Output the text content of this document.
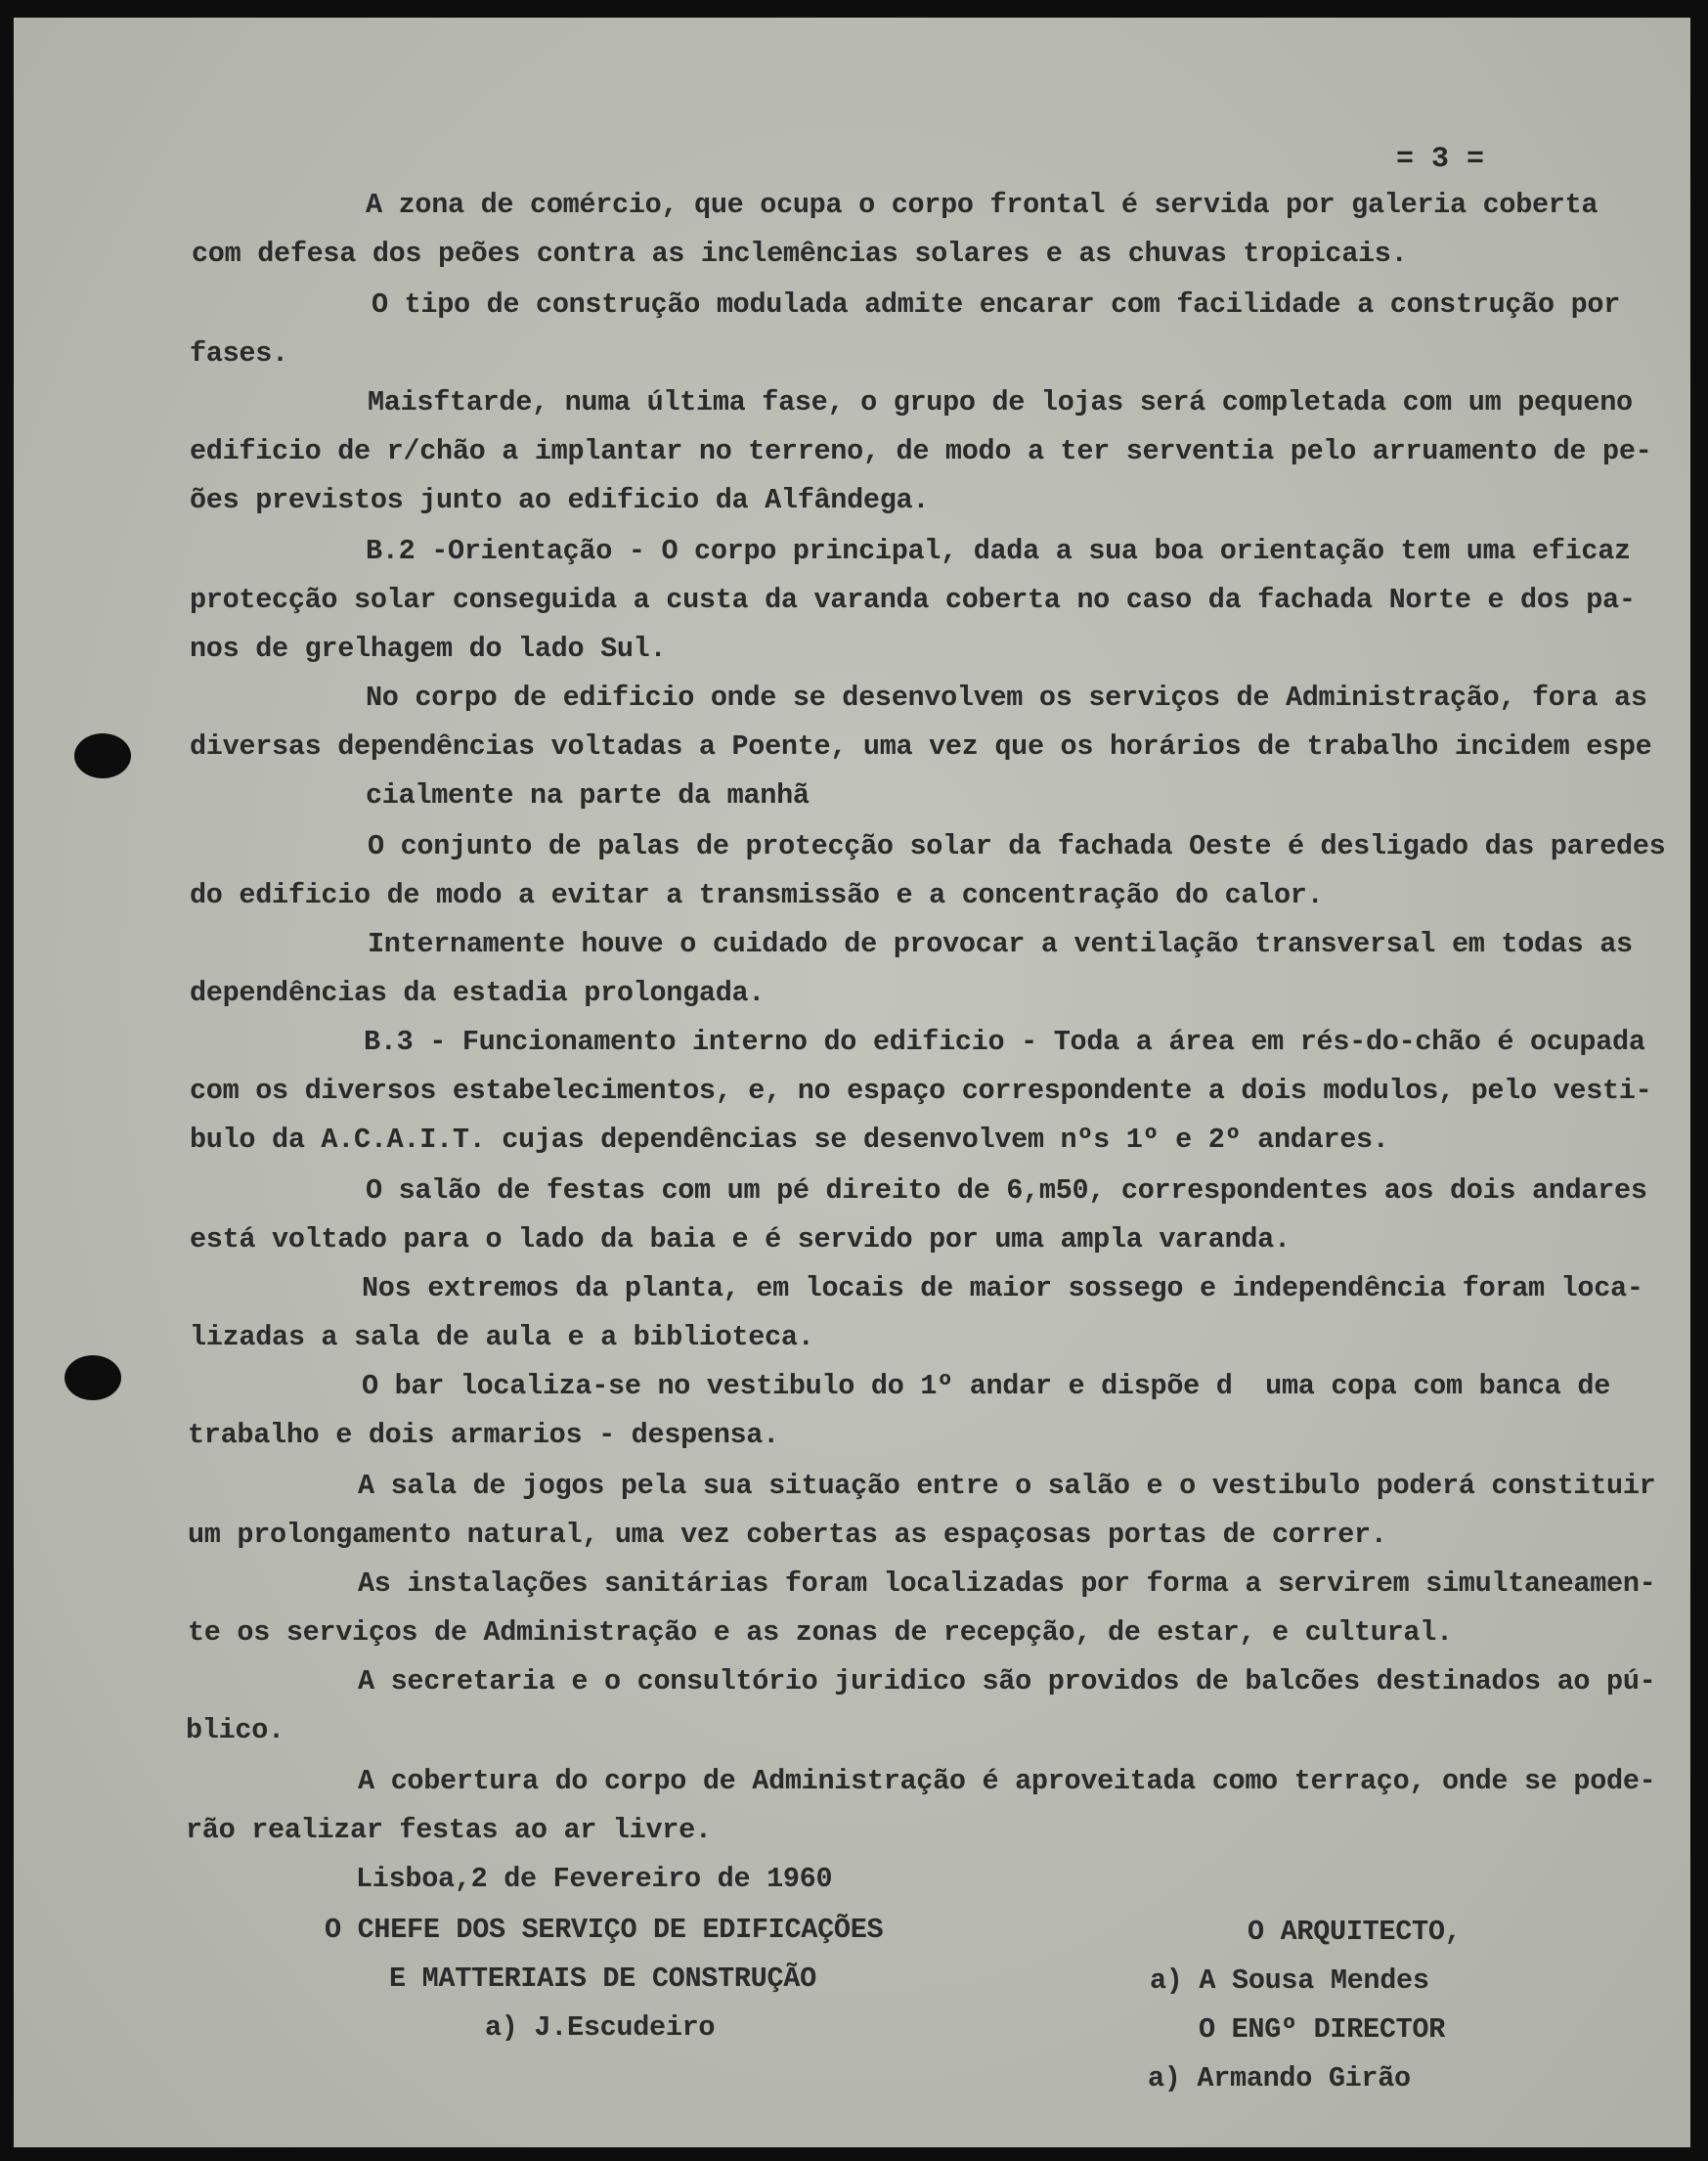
= 3 =
A zona de comércio, que ocupa o corpo frontal é servida por galeria coberta
com defesa dos peões contra as inclemências solares e as chuvas tropicais.
O tipo de construção modulada admite encarar com facilidade a construção por
fases.
Maisftarde, numa última fase, o grupo de lojas será completada com um pequeno
edificio de r/chão a implantar no terreno, de modo a ter serventia pelo arruamento de pe-
ões previstos junto ao edificio da Alfândega.
B.2 -Orientação - O corpo principal, dada a sua boa orientação tem uma eficaz
protecção solar conseguida a custa da varanda coberta no caso da fachada Norte e dos pa-
nos de grelhagem do lado Sul.
No corpo de edificio onde se desenvolvem os serviços de Administração, fora as
diversas dependências voltadas a Poente, uma vez que os horários de trabalho incidem espe
cialmente na parte da manhã
O conjunto de palas de protecção solar da fachada Oeste é desligado das paredes
do edificio de modo a evitar a transmissão e a concentração do calor.
Internamente houve o cuidado de provocar a ventilação transversal em todas as
dependências da estadia prolongada.
B.3 - Funcionamento interno do edificio - Toda a área em rés-do-chão é ocupada
com os diversos estabelecimentos, e, no espaço correspondente a dois modulos, pelo vesti-
bulo da A.C.A.I.T. cujas dependências se desenvolvem nºs 1º e 2º andares.
O salão de festas com um pé direito de 6,m50, correspondentes aos dois andares
está voltado para o lado da baia e é servido por uma ampla varanda.
Nos extremos da planta, em locais de maior sossego e independência foram loca-
lizadas a sala de aula e a biblioteca.
O bar localiza-se no vestibulo do 1º andar e dispõe d  uma copa com banca de
trabalho e dois armarios - despensa.
A sala de jogos pela sua situação entre o salão e o vestibulo poderá constituir
um prolongamento natural, uma vez cobertas as espaçosas portas de correr.
As instalações sanitárias foram localizadas por forma a servirem simultaneamen-
te os serviços de Administração e as zonas de recepção, de estar, e cultural.
A secretaria e o consultório juridico são providos de balcões destinados ao pú-
blico.
A cobertura do corpo de Administração é aproveitada como terraço, onde se pode-
rão realizar festas ao ar livre.
Lisboa,2 de Fevereiro de 1960
O CHEFE DOS SERVIÇO DE EDIFICAÇÕES
E MATTERIAIS DE CONSTRUÇÃO
a) J.Escudeiro
O ARQUITECTO,
a) A Sousa Mendes
O ENGº DIRECTOR
a) Armando Girão
